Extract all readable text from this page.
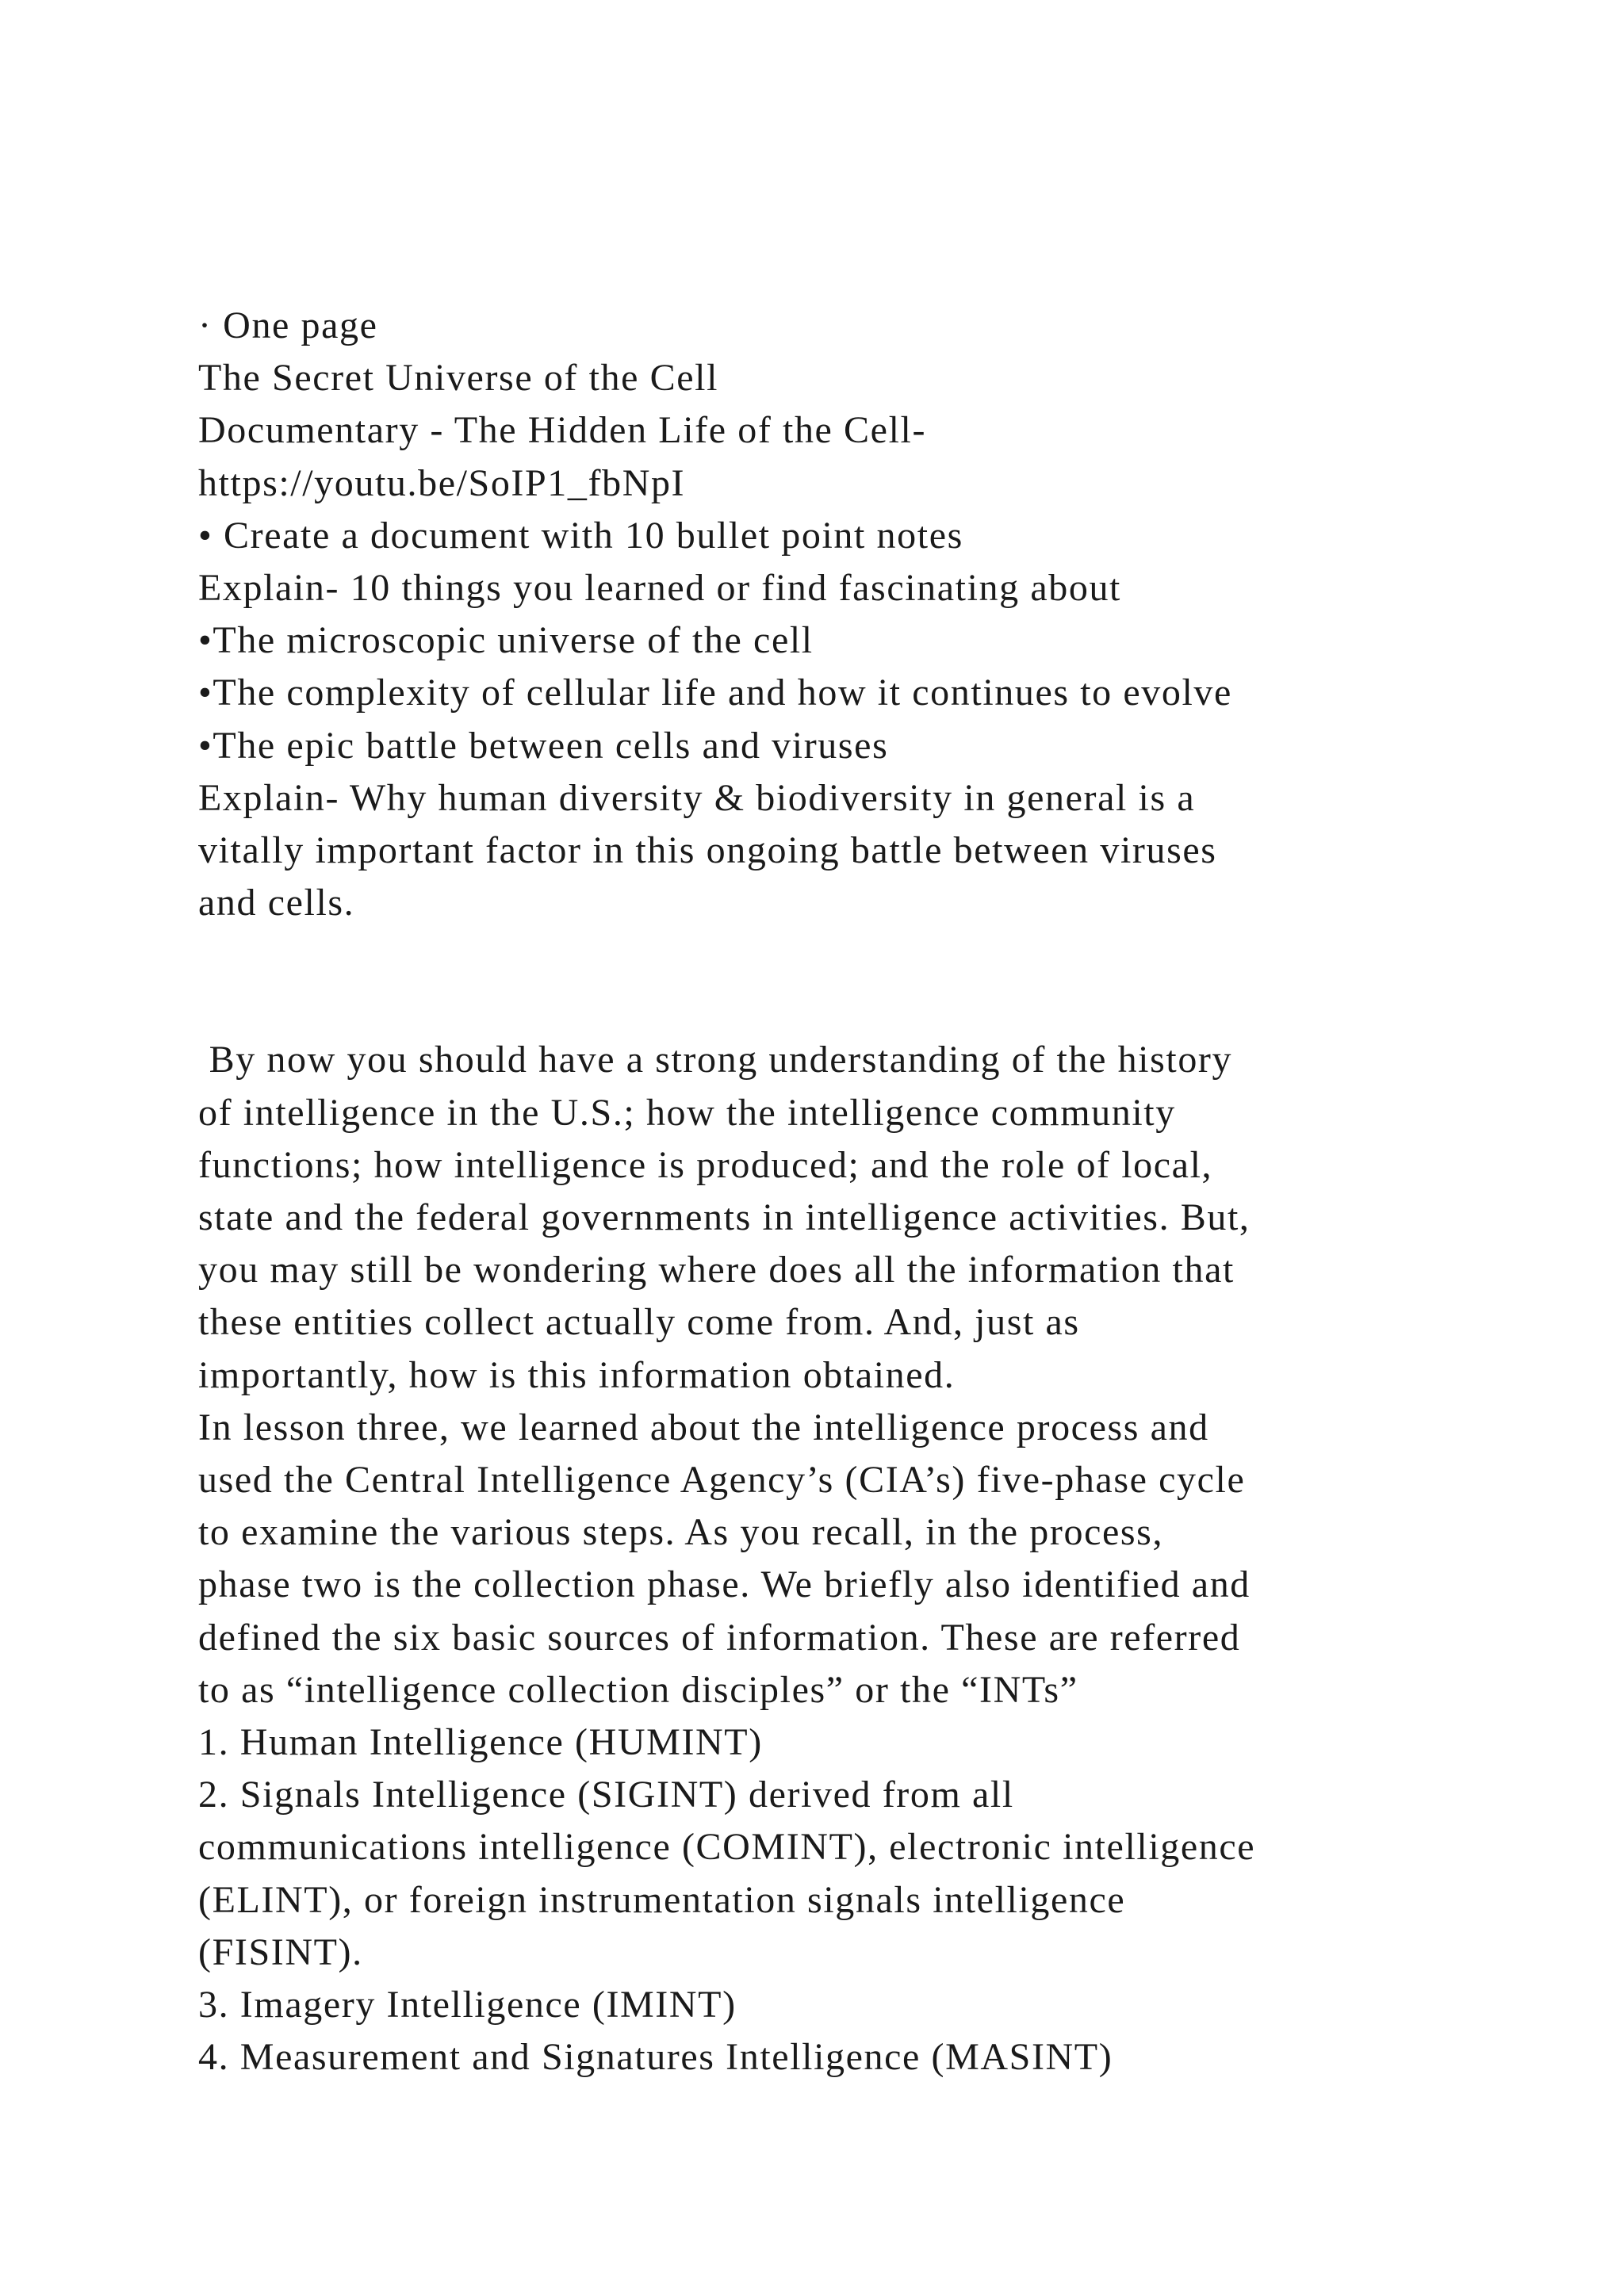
· One page
The Secret Universe of the Cell
Documentary - The Hidden Life of the Cell-
https://youtu.be/SoIP1_fbNpI
• Create a document with 10 bullet point notes
Explain- 10 things you learned or find fascinating about
•The microscopic universe of the cell
•The complexity of cellular life and how it continues to evolve
•The epic battle between cells and viruses
Explain- Why human diversity & biodiversity in general is a
vitally important factor in this ongoing battle between viruses
and cells.
By now you should have a strong understanding of the history
of intelligence in the U.S.; how the intelligence community
functions; how intelligence is produced; and the role of local,
state and the federal governments in intelligence activities. But,
you may still be wondering where does all the information that
these entities collect actually come from. And, just as
importantly, how is this information obtained.
In lesson three, we learned about the intelligence process and
used the Central Intelligence Agency’s (CIA’s) five-phase cycle
to examine the various steps. As you recall, in the process,
phase two is the collection phase. We briefly also identified and
defined the six basic sources of information. These are referred
to as “intelligence collection disciples” or the “INTs”
1. Human Intelligence (HUMINT)
2. Signals Intelligence (SIGINT) derived from all
communications intelligence (COMINT), electronic intelligence
(ELINT), or foreign instrumentation signals intelligence
(FISINT).
3. Imagery Intelligence (IMINT)
4. Measurement and Signatures Intelligence (MASINT)
